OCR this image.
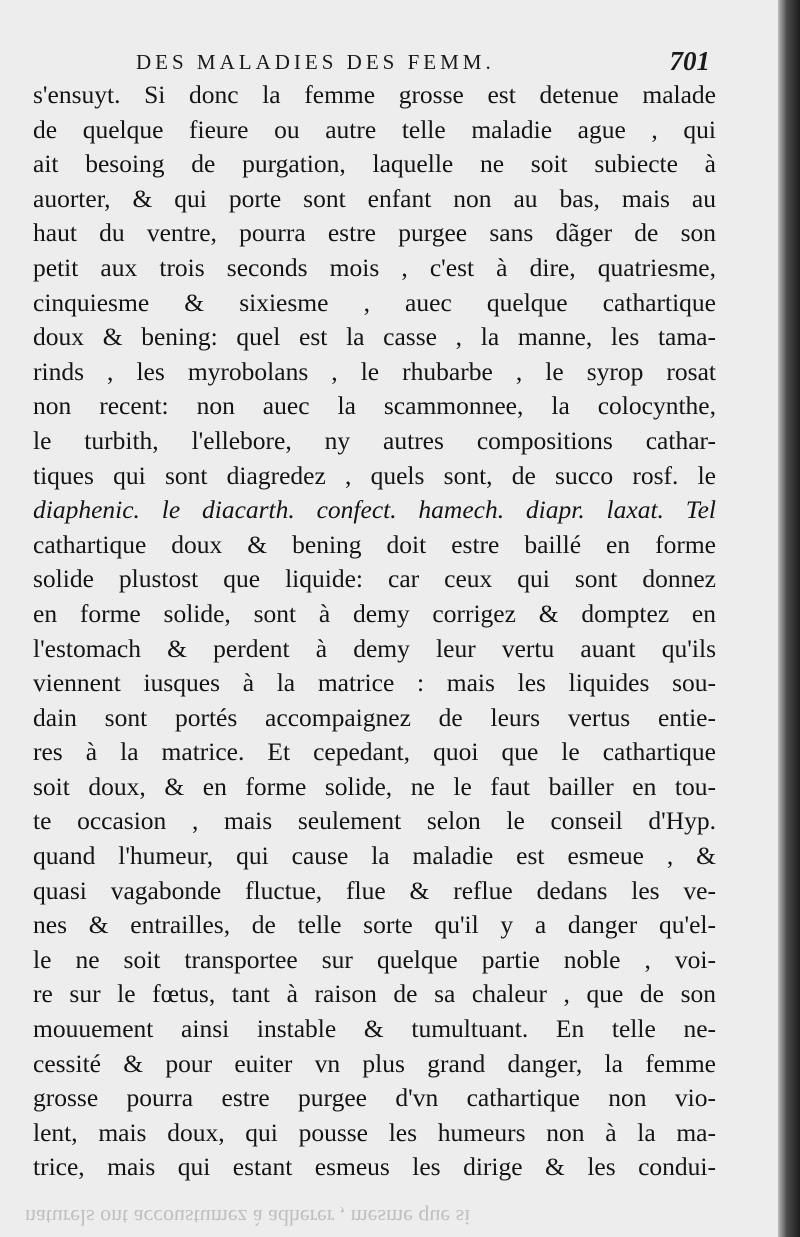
DES MALADIES DES FEMM.	701
s'ensuyt. Si donc la femme grosse est detenue malade
de quelque fieure ou autre telle maladie ague , qui
ait besoing de purgation, laquelle ne soit subiecte à
auorter, & qui porte sont enfant non au bas, mais au
haut du ventre, pourra estre purgee sans dãger de son
petit aux trois seconds mois , c'est à dire, quatriesme,
cinquiesme & sixiesme , auec quelque cathartique
doux & bening: quel est la casse , la manne, les tama-
rinds , les myrobolans , le rhubarbe , le syrop rosat
non recent: non auec la scammonnee, la colocynthe,
le turbith, l'ellebore, ny autres compositions cathar-
tiques qui sont diagredez , quels sont, de succo rosf. le
diaphenic. le diacarth. confect. hamech. diapr. laxat. Tel
cathartique doux & bening doit estre baillé en forme
solide plustost que liquide: car ceux qui sont donnez
en forme solide, sont à demy corrigez & domptez en
l'estomach & perdent à demy leur vertu auant qu'ils
viennent iusques à la matrice : mais les liquides sou-
dain sont portés accompaignez de leurs vertus entie-
res à la matrice. Et cepedant, quoi que le cathartique
soit doux, & en forme solide, ne le faut bailler en tou-
te occasion , mais seulement selon le conseil d'Hyp.
quand l'humeur, qui cause la maladie est esmeue , &
quasi vagabonde fluctue, flue & reflue dedans les ve-
nes & entrailles, de telle sorte qu'il y a danger qu'el-
le ne soit transportee sur quelque partie noble , voi-
re sur le fœtus, tant à raison de sa chaleur , que de son
mouuement ainsi instable & tumultuant. En telle ne-
cessité & pour euiter vn plus grand danger, la femme
grosse pourra estre purgee d'vn cathartique non vio-
lent, mais doux, qui pousse les humeurs non à la ma-
trice, mais qui estant esmeus les dirige & les condui-
naturels ont accoustumez à adherer , mesme que si
